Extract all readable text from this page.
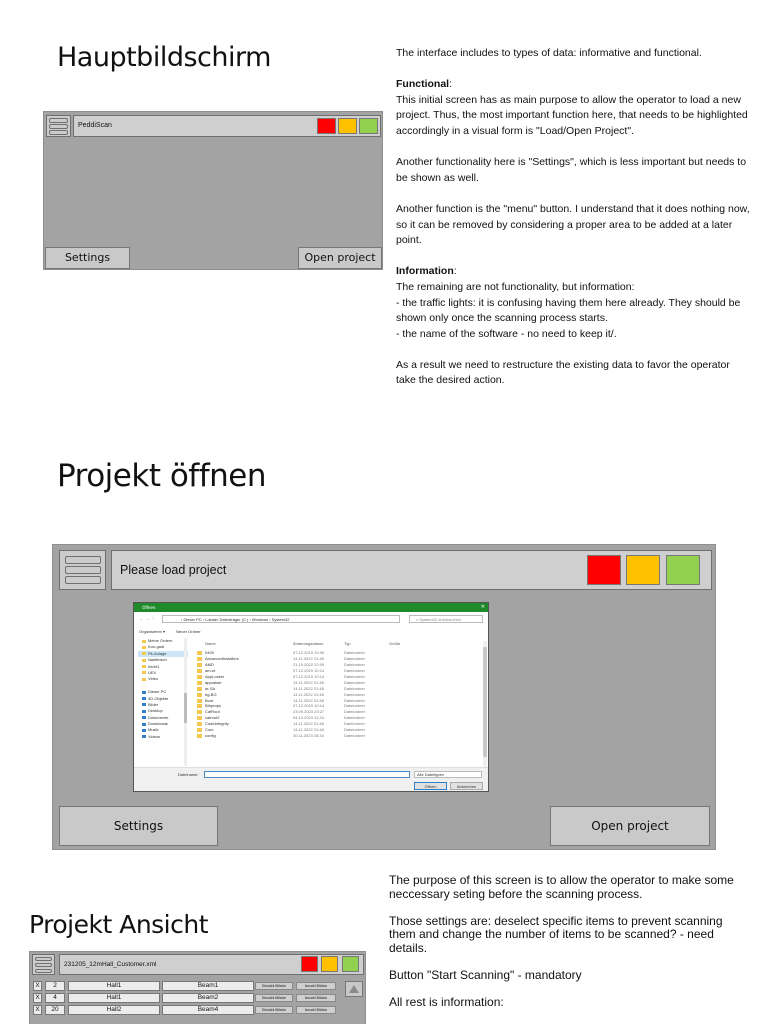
Hauptbildschirm
Projekt öffnen
Projekt Ansicht

The interface includes to types of data: informative and functional.

Functional:
This initial screen has as main purpose to allow the operator to load a new project. Thus, the most important function here, that needs to be highlighted accordingly in a visual form is "Load/Open Project".

Another functionality here is "Settings", which is less important but needs to be shown as well.

Another function is the "menu" button. I understand that it does nothing now, so it can be removed by considering a proper area to be added at a later point.

Information:
The remaining are not functionality, but information:
- the traffic lights: it is confusing having them here already. They should be shown only once the scanning process starts.
- the name of the software - no need to keep it/.

As a result we need to restructure the existing data to favor the operator take the desired action.

PeddiScan
Settings	Open project
Please load project
Öffnen	✕
← → ↑	› Dieser PC › Lokaler Datenträger (C:) › Windows › System32	⌕ System32 durchsuchen
Organisieren ▾	Neuer Ordner
Meine Ordern
Kun-gadt
Pk-Anlage
Nadfleisch
Intürt1
UEV
Video
Dieser PC
3D-Objekte
Bilder
Desktop
Dokumente
Downloads
Musik
Videos
Name	Änderungsdatum	Typ	Größe
0409	07.12.2019 15:00	Dateiordner
AdvancedInstallers	14.11.2022 21:48	Dateiordner
AMD	21.10.2022 22:09	Dateiordner
am-et	07.12.2019 10:14	Dateiordner
AppLocker	07.12.2019 10:14	Dateiordner
appraiser	14.11.2022 21:48	Dateiordner
ar-SA	14.11.2022 21:48	Dateiordner
bg-BG	14.11.2022 21:48	Dateiordner
Boot	14.11.2022 21:48	Dateiordner
Bthprops	07.12.2019 10:14	Dateiordner
CatRoot	23.09.2023 23:27	Dateiordner
catroot2	04.10.2023 11:34	Dateiordner
CodeIntegrity	14.11.2022 21:48	Dateiordner
Com	14.11.2022 21:48	Dateiordner
config	30.11.2023 15:34	Dateiordner
Dateiname:	Alle Dateitypen
Öffnen	Abbrechen
Settings	Open project

The purpose of this screen is to allow the operator to make some neccessary seting before the scanning process.

Those settings are: deselect specific items to prevent scanning them and change the number of items to be scanned? - need details.

Button "Start Scanning" - mandatory

All rest is information:

231205_12mHall_Customer.xml
X	2	Hall1	Beam1	Einsicht Blöcke	Anzahl Blöcke
X	4	Hall1	Beam2	Einsicht Blöcke	Anzahl Blöcke
X	20	Hall2	Beam4	Einsicht Blöcke	Anzahl Blöcke
